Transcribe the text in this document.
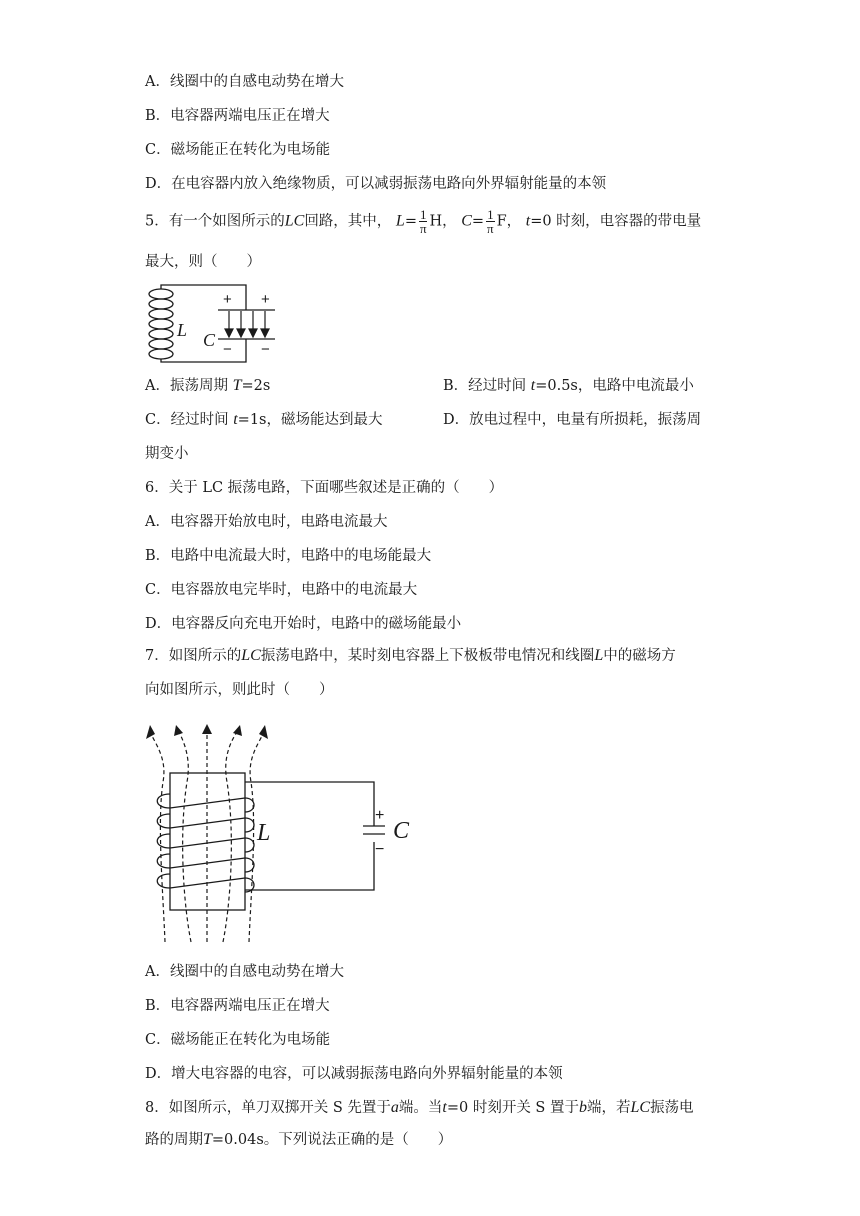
A．线圈中的自感电动势在增大
B．电容器两端电压正在增大
C．磁场能正在转化为电场能
D．在电容器内放入绝缘物质，可以减弱振荡电路向外界辐射能量的本领
5．有一个如图所示的LC回路，其中， $L= \frac{1}{\pi}$ H， $C= \frac{1}{\pi}$ F， t=0 时刻，电容器的带电量
最大，则（　　）
+ +
− −
L C
A．振荡周期 T=2s	B．经过时间 t=0.5s，电路中电流最小
C．经过时间 t=1s，磁场能达到最大	D．放电过程中，电量有所损耗，振荡周
期变小
6．关于 LC 振荡电路，下面哪些叙述是正确的（　　）
A．电容器开始放电时，电路电流最大
B．电路中电流最大时，电路中的电场能最大
C．电容器放电完毕时，电路中的电流最大
D．电容器反向充电开始时，电路中的磁场能最小
7．如图所示的LC振荡电路中，某时刻电容器上下极板带电情况和线圈L中的磁场方
向如图所示，则此时（　　）
L	C
+
−
A．线圈中的自感电动势在增大
B．电容器两端电压正在增大
C．磁场能正在转化为电场能
D．增大电容器的电容，可以减弱振荡电路向外界辐射能量的本领
8．如图所示，单刀双掷开关 S 先置于a端。当t=0 时刻开关 S 置于b端，若LC振荡电
路的周期T=0.04s。下列说法正确的是（　　）
